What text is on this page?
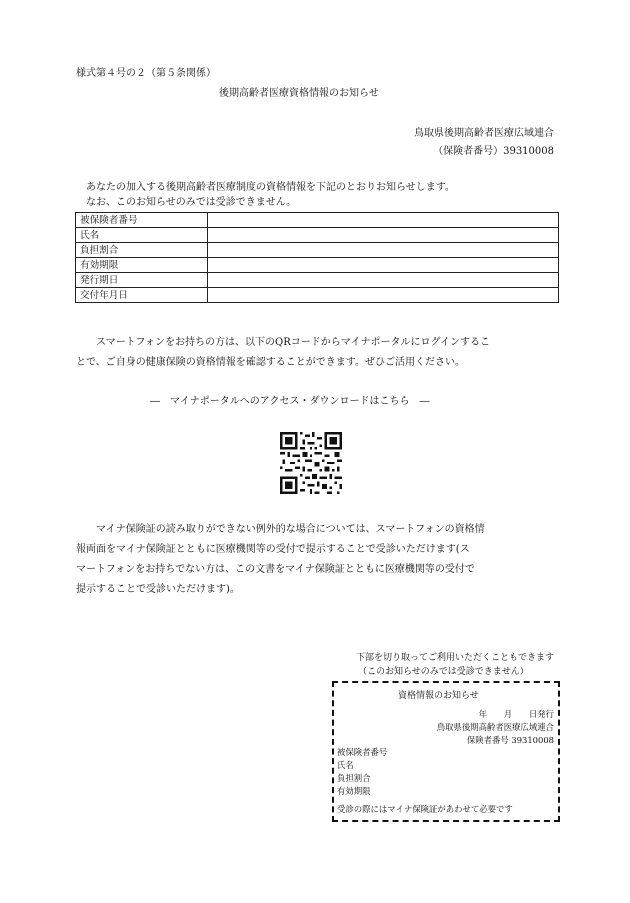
様式第４号の２（第５条関係）
後期高齢者医療資格情報のお知らせ
鳥取県後期高齢者医療広域連合
（保険者番号）39310008
あなたの加入する後期高齢者医療制度の資格情報を下記のとおりお知らせします。
なお、このお知らせのみでは受診できません。
被保険者番号	
氏名	
負担割合	
有効期限	
発行期日	
交付年月日	
スマートフォンをお持ちの方は、以下のQRコードからマイナポータルにログインするこ
とで、ご自身の健康保険の資格情報を確認することができます。ぜひご活用ください。
―　マイナポータルへのアクセス・ダウンロードはこちら　―
マイナ保険証の読み取りができない例外的な場合については、スマートフォンの資格情
報両面をマイナ保険証とともに医療機関等の受付で提示することで受診いただけます(ス
マートフォンをお持ちでない方は、この文書をマイナ保険証とともに医療機関等の受付で
提示することで受診いただけます)。
下部を切り取ってご利用いただくこともできます
（このお知らせのみでは受診できません）
資格情報のお知らせ
年　　月　　日発行
鳥取県後期高齢者医療広域連合
保険者番号 39310008
被保険者番号
氏名
負担割合
有効期限
受診の際にはマイナ保険証があわせて必要です
